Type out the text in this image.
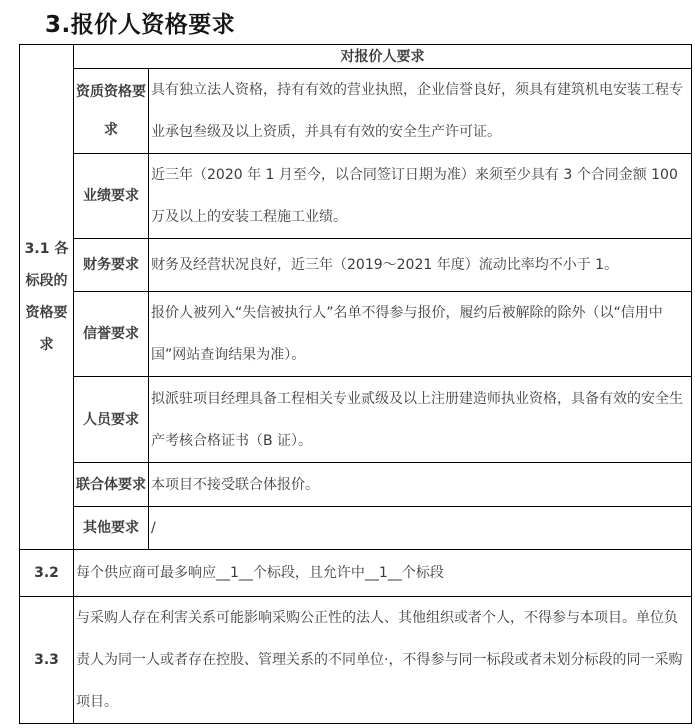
3.报价人资格要求
3.1 各标段的资格要求	对报价人要求	
	资质资格要求	具有独立法人资格，持有有效的营业执照，企业信誉良好，须具有建筑机电安装工程专业承包叁级及以上资质，并具有有效的安全生产许可证。
	业绩要求	近三年（2020 年 1 月至今，以合同签订日期为准）来须至少具有 3 个合同金额 100万及以上的安装工程施工业绩。
	财务要求	财务及经营状况良好，近三年（2019～2021 年度）流动比率均不小于 1。
	信誉要求	报价人被列入“失信被执行人”名单不得参与报价，履约后被解除的除外（以“信用中国”网站查询结果为准）。
	人员要求	拟派驻项目经理具备工程相关专业贰级及以上注册建造师执业资格，具备有效的安全生产考核合格证书（B 证）。
	联合体要求	本项目不接受联合体报价。
	其他要求	/
3.2	每个供应商可最多响应__1__个标段，且允许中__1__个标段	
3.3	与采购人存在利害关系可能影响采购公正性的法人、其他组织或者个人，不得参与本项目。单位负责人为同一人或者存在控股、管理关系的不同单位·，不得参与同一标段或者未划分标段的同一采购项目。	
